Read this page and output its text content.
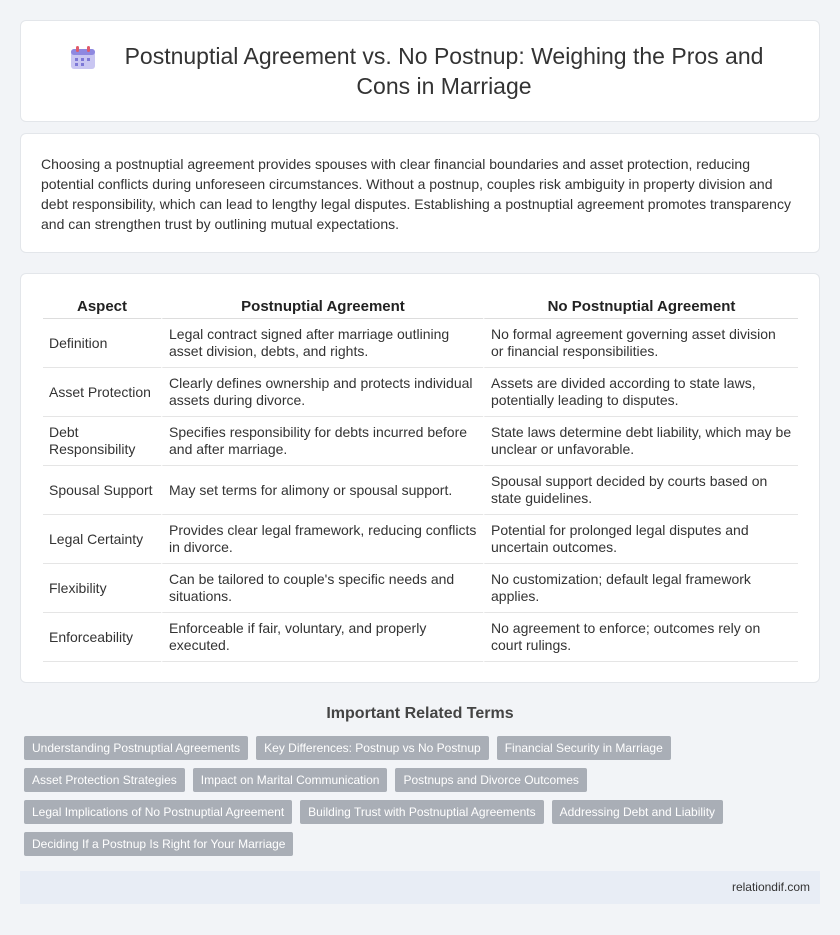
Postnuptial Agreement vs. No Postnup: Weighing the Pros and Cons in Marriage

Choosing a postnuptial agreement provides spouses with clear financial boundaries and asset protection, reducing potential conflicts during unforeseen circumstances. Without a postnup, couples risk ambiguity in property division and debt responsibility, which can lead to lengthy legal disputes. Establishing a postnuptial agreement promotes transparency and can strengthen trust by outlining mutual expectations.

Aspect	Postnuptial Agreement	No Postnuptial Agreement
Definition	Legal contract signed after marriage outlining asset division, debts, and rights.	No formal agreement governing asset division or financial responsibilities.
Asset Protection	Clearly defines ownership and protects individual assets during divorce.	Assets are divided according to state laws, potentially leading to disputes.
Debt Responsibility	Specifies responsibility for debts incurred before and after marriage.	State laws determine debt liability, which may be unclear or unfavorable.
Spousal Support	May set terms for alimony or spousal support.	Spousal support decided by courts based on state guidelines.
Legal Certainty	Provides clear legal framework, reducing conflicts in divorce.	Potential for prolonged legal disputes and uncertain outcomes.
Flexibility	Can be tailored to couple's specific needs and situations.	No customization; default legal framework applies.
Enforceability	Enforceable if fair, voluntary, and properly executed.	No agreement to enforce; outcomes rely on court rulings.
Important Related Terms
Understanding Postnuptial Agreements	Key Differences: Postnup vs No Postnup	Financial Security in Marriage
Asset Protection Strategies	Impact on Marital Communication	Postnups and Divorce Outcomes
Legal Implications of No Postnuptial Agreement	Building Trust with Postnuptial Agreements	Addressing Debt and Liability
Deciding If a Postnup Is Right for Your Marriage
relationdif.com
